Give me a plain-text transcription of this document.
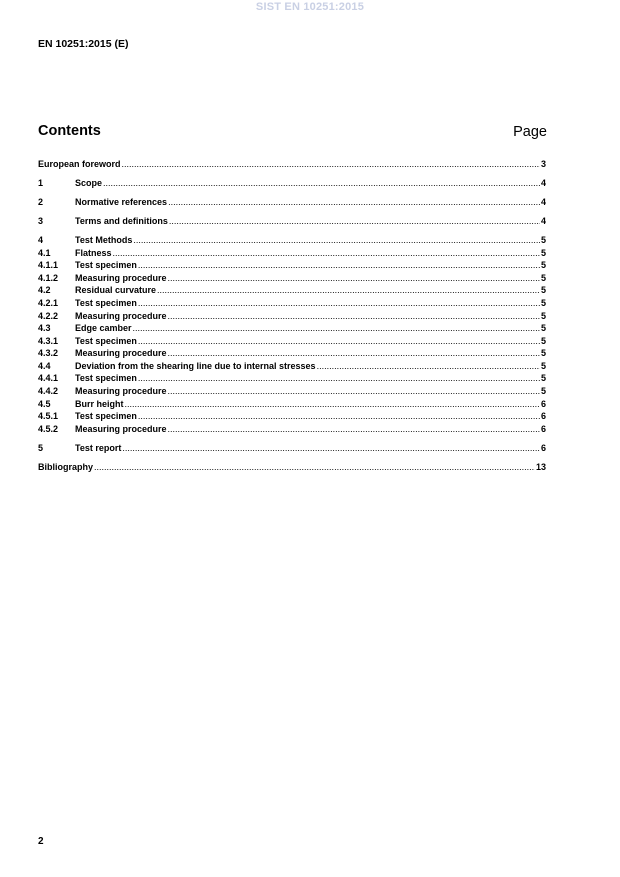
SIST EN 10251:2015
EN 10251:2015 (E)
Contents	Page
European foreword .....	3
1	Scope .....	4
2	Normative references .....	4
3	Terms and definitions .....	4
4	Test Methods .....	5
4.1	Flatness .....	5
4.1.1	Test specimen .....	5
4.1.2	Measuring procedure .....	5
4.2	Residual curvature .....	5
4.2.1	Test specimen .....	5
4.2.2	Measuring procedure .....	5
4.3	Edge camber .....	5
4.3.1	Test specimen .....	5
4.3.2	Measuring procedure .....	5
4.4	Deviation from the shearing line due to internal stresses .....	5
4.4.1	Test specimen .....	5
4.4.2	Measuring procedure .....	5
4.5	Burr height .....	6
4.5.1	Test specimen .....	6
4.5.2	Measuring procedure .....	6
5	Test report .....	6
Bibliography .....	13
2
